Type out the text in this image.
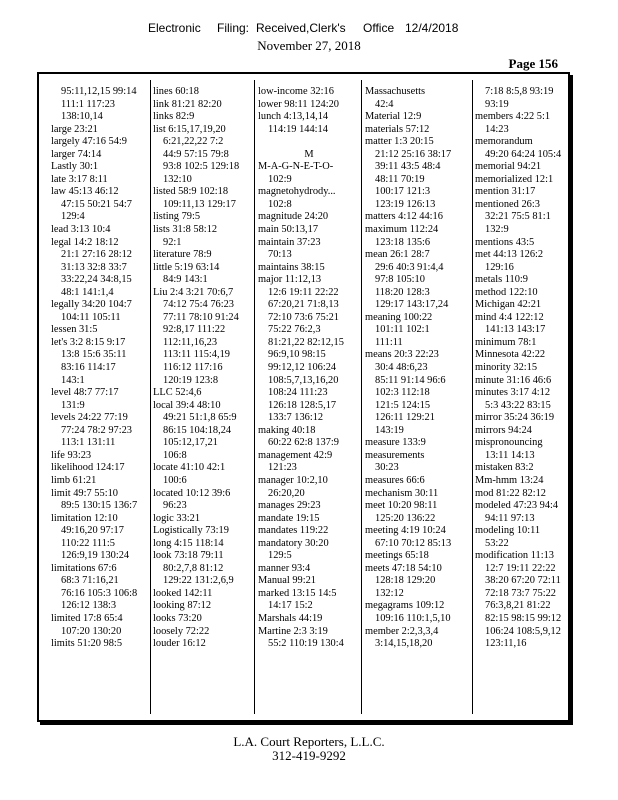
Electronic Filing: Received,Clerk's Office 12/4/2018
November 27, 2018
Page 156
95:11,12,15 99:14
111:1 117:23
138:10,14
large 23:21
largely 47:16 54:9
larger 74:14
Lastly 30:1
late 3:17 8:11
law 45:13 46:12
47:15 50:21 54:7
129:4
lead 3:13 10:4
legal 14:2 18:12
21:1 27:16 28:12
31:13 32:8 33:7
33:22,24 34:8,15
48:1 141:1,4
legally 34:20 104:7
104:11 105:11
lessen 31:5
let's 3:2 8:15 9:17
13:8 15:6 35:11
83:16 114:17
143:1
level 48:7 77:17
131:9
levels 24:22 77:19
77:24 78:2 97:23
113:1 131:11
life 93:23
likelihood 124:17
limb 61:21
limit 49:7 55:10
89:5 130:15 136:7
limitation 12:10
49:16,20 97:17
110:22 111:5
126:9,19 130:24
limitations 67:6
68:3 71:16,21
76:16 105:3 106:8
126:12 138:3
limited 17:8 65:4
107:20 130:20
limits 51:20 98:5
lines 60:18
link 81:21 82:20
links 82:9
list 6:15,17,19,20
6:21,22,22 7:2
44:9 57:15 79:8
93:8 102:5 129:18
132:10
listed 58:9 102:18
109:11,13 129:17
listing 79:5
lists 31:8 58:12
92:1
literature 78:9
little 5:19 63:14
84:9 143:1
Liu 2:4 3:21 70:6,7
74:12 75:4 76:23
77:11 78:10 91:24
92:8,17 111:22
112:11,16,23
113:11 115:4,19
116:12 117:16
120:19 123:8
LLC 52:4,6
local 39:4 48:10
49:21 51:1,8 65:9
86:15 104:18,24
105:12,17,21
106:8
locate 41:10 42:1
100:6
located 10:12 39:6
96:23
logic 33:21
Logistically 73:19
long 4:15 118:14
look 73:18 79:11
80:2,7,8 81:12
129:22 131:2,6,9
looked 142:11
looking 87:12
looks 73:20
loosely 72:22
louder 16:12
low-income 32:16
lower 98:11 124:20
lunch 4:13,14,14
114:19 144:14

M
M-A-G-N-E-T-O-
102:9
magnetohydrody...
102:8
magnitude 24:20
main 50:13,17
maintain 37:23
70:13
maintains 38:15
major 11:12,13
12:6 19:11 22:22
67:20,21 71:8,13
72:10 73:6 75:21
75:22 76:2,3
81:21,22 82:12,15
96:9,10 98:15
99:12,12 106:24
108:5,7,13,16,20
108:24 111:23
126:18 128:5,17
133:7 136:12
making 40:18
60:22 62:8 137:9
management 42:9
121:23
manager 10:2,10
26:20,20
manages 29:23
mandate 19:15
mandates 119:22
mandatory 30:20
129:5
manner 93:4
Manual 99:21
marked 13:15 14:5
14:17 15:2
Marshals 44:19
Martine 2:3 3:19
55:2 110:19 130:4
Massachusetts
42:4
Material 12:9
materials 57:12
matter 1:3 20:15
21:12 25:16 38:17
39:11 43:5 48:4
48:11 70:19
100:17 121:3
123:19 126:13
matters 4:12 44:16
maximum 112:24
123:18 135:6
mean 26:1 28:7
29:6 40:3 91:4,4
97:8 105:10
118:20 128:3
129:17 143:17,24
meaning 100:22
101:11 102:1
111:11
means 20:3 22:23
30:4 48:6,23
85:11 91:14 96:6
102:3 112:18
121:5 124:15
126:11 129:21
143:19
measure 133:9
measurements
30:23
measures 66:6
mechanism 30:11
meet 10:20 98:11
125:20 136:22
meeting 4:19 10:24
67:10 70:12 85:13
meetings 65:18
meets 47:18 54:10
128:18 129:20
132:12
megagrams 109:12
109:16 110:1,5,10
member 2:2,3,3,4
3:14,15,18,20
7:18 8:5,8 93:19
93:19
members 4:22 5:1
14:23
memorandum
49:20 64:24 105:4
memorial 94:21
memorialized 12:1
mention 31:17
mentioned 26:3
32:21 75:5 81:1
132:9
mentions 43:5
met 44:13 126:2
129:16
metals 110:9
method 122:10
Michigan 42:21
mind 4:4 122:12
141:13 143:17
minimum 78:1
Minnesota 42:22
minority 32:15
minute 31:16 46:6
minutes 3:17 4:12
5:3 43:22 83:15
mirror 35:24 36:19
mirrors 94:24
mispronouncing
13:11 14:13
mistaken 83:2
Mm-hmm 13:24
mod 81:22 82:12
modeled 47:23 94:4
94:11 97:13
modeling 10:11
53:22
modification 11:13
12:7 19:11 22:22
38:20 67:20 72:11
72:18 73:7 75:22
76:3,8,21 81:22
82:15 98:15 99:12
106:24 108:5,9,12
123:11,16
L.A. Court Reporters, L.L.C.
312-419-9292
